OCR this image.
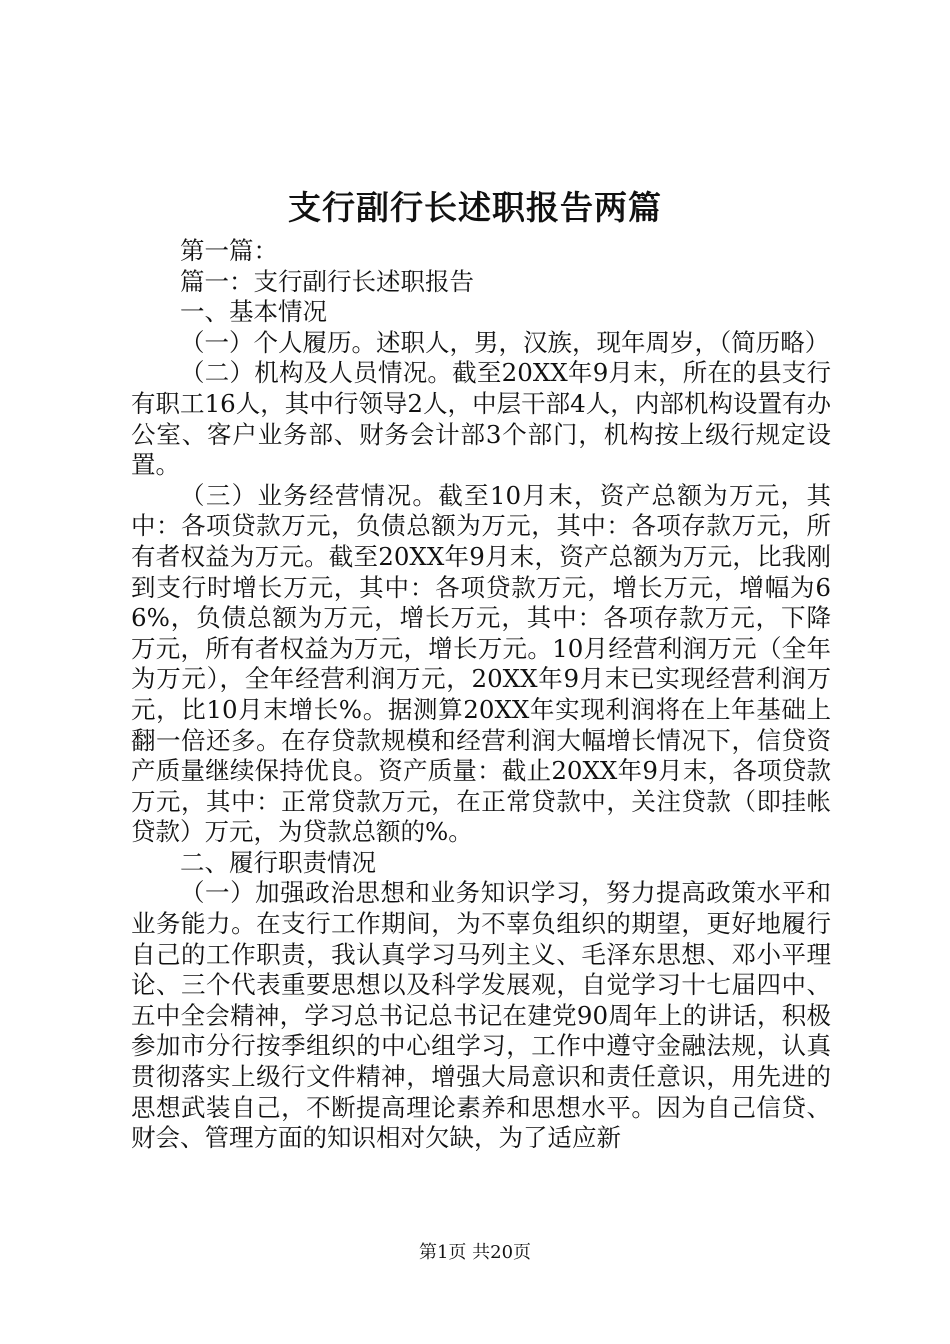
支行副行长述职报告两篇

第一篇：

篇一：支行副行长述职报告

一、基本情况

（一）个人履历。述职人，男，汉族，现年周岁，（简历略）

（二）机构及人员情况。截至20XX年9月末，所在的县支行有职工16人，其中行领导2人，中层干部4人，内部机构设置有办公室、客户业务部、财务会计部3个部门，机构按上级行规定设置。

（三）业务经营情况。截至10月末，资产总额为万元，其中：各项贷款万元，负债总额为万元，其中：各项存款万元，所有者权益为万元。截至20XX年9月末，资产总额为万元，比我刚到支行时增长万元，其中：各项贷款万元，增长万元，增幅为66%，负债总额为万元，增长万元，其中：各项存款万元，下降万元，所有者权益为万元，增长万元。10月经营利润万元（全年为万元），全年经营利润万元，20XX年9月末已实现经营利润万元，比10月末增长%。据测算20XX年实现利润将在上年基础上翻一倍还多。在存贷款规模和经营利润大幅增长情况下，信贷资产质量继续保持优良。资产质量：截止20XX年9月末，各项贷款万元，其中：正常贷款万元，在正常贷款中，关注贷款（即挂帐贷款）万元，为贷款总额的%。

二、履行职责情况

（一）加强政治思想和业务知识学习，努力提高政策水平和业务能力。在支行工作期间，为不辜负组织的期望，更好地履行自己的工作职责，我认真学习马列主义、毛泽东思想、邓小平理论、三个代表重要思想以及科学发展观，自觉学习十七届四中、五中全会精神，学习总书记总书记在建党90周年上的讲话，积极参加市分行按季组织的中心组学习，工作中遵守金融法规，认真贯彻落实上级行文件精神，增强大局意识和责任意识，用先进的思想武装自己，不断提高理论素养和思想水平。因为自己信贷、财会、管理方面的知识相对欠缺，为了适应新

第1页 共20页
